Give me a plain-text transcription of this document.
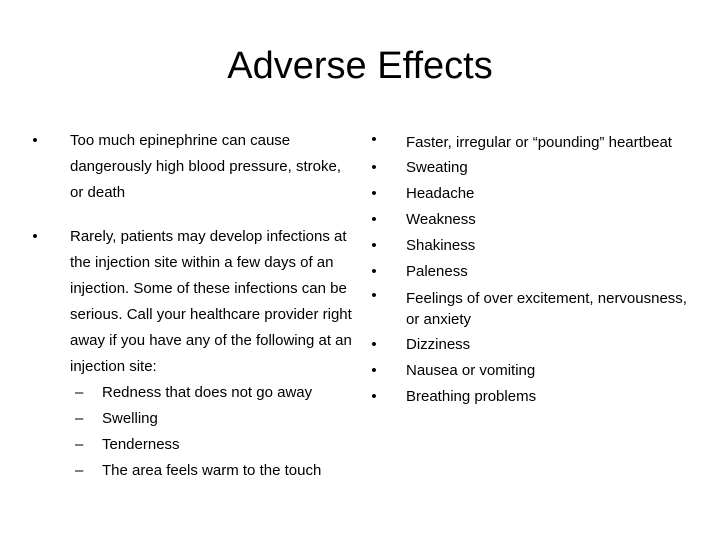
Adverse Effects
• Too much epinephrine can cause dangerously high blood pressure, stroke, or death
• Rarely, patients may develop infections at the injection site within a few days of an injection. Some of these infections can be serious. Call your healthcare provider right away if you have any of the following at an injection site:
– Redness that does not go away
– Swelling
– Tenderness
– The area feels warm to the touch
• Faster, irregular or “pounding” heartbeat
• Sweating
• Headache
• Weakness
• Shakiness
• Paleness
• Feelings of over excitement, nervousness, or anxiety
• Dizziness
• Nausea or vomiting
• Breathing problems
